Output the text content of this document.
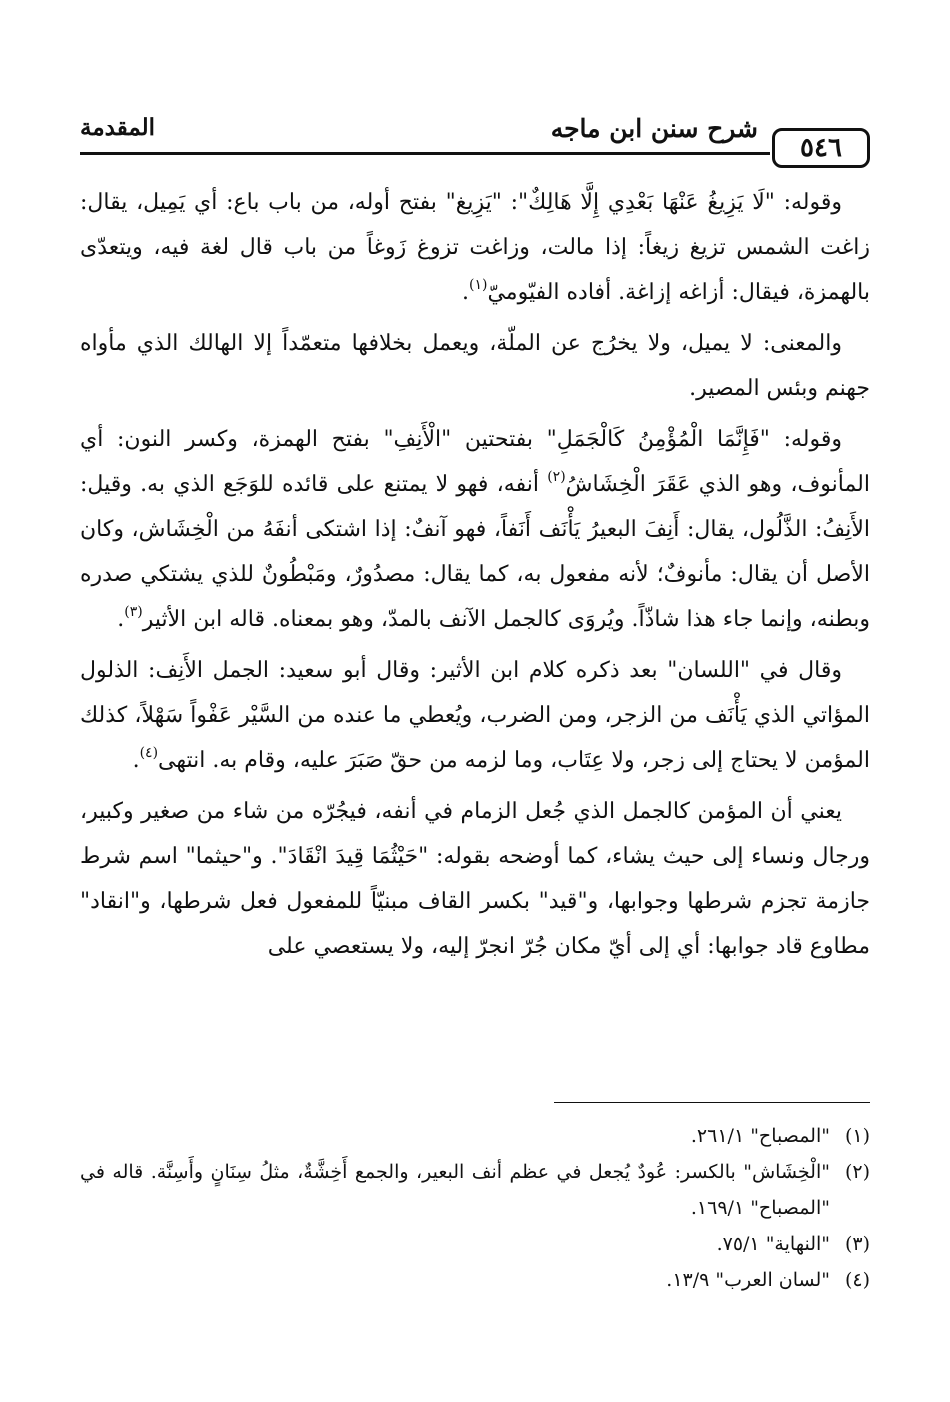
٥٤٦
شرح سنن ابن ماجه
المقدمة

وقوله: "لَا يَزِيغُ عَنْهَا بَعْدِي إِلَّا هَالِكٌ": "يَزِيغ" بفتح أوله، من باب باع: أي يَمِيل، يقال: زاغت الشمس تزيغ زيغاً: إذا مالت، وزاغت تزوغ زَوغاً من باب قال لغة فيه، ويتعدّى بالهمزة، فيقال: أزاغه إزاغة. أفاده الفيّوميّ$^{(١)}$.

والمعنى: لا يميل، ولا يخرُج عن الملّة، ويعمل بخلافها متعمّداً إلا الهالك الذي مأواه جهنم وبئس المصير.

وقوله: "فَإِنَّمَا الْمُؤْمِنُ كَالْجَمَلِ" بفتحتين "الْأَنِفِ" بفتح الهمزة، وكسر النون: أي المأنوف، وهو الذي عَقَرَ الْخِشَاشُ$^{(٢)}$ أنفه، فهو لا يمتنع على قائده للوَجَع الذي به. وقيل: الأَنِفُ: الذَّلُول، يقال: أَنِفَ البعيرُ يَأْنَف أَنَفاً، فهو آنفٌ: إذا اشتكى أنفَهُ من الْخِشَاش، وكان الأصل أن يقال: مأنوفٌ؛ لأنه مفعول به، كما يقال: مصدُورٌ، ومَبْطُونٌ للذي يشتكي صدره وبطنه، وإنما جاء هذا شاذّاً. ويُروَى كالجمل الآنف بالمدّ، وهو بمعناه. قاله ابن الأثير$^{(٣)}$.

وقال في "اللسان" بعد ذكره كلام ابن الأثير: وقال أبو سعيد: الجمل الأَنِف: الذلول المؤاتي الذي يَأْنَف من الزجر، ومن الضرب، ويُعطي ما عنده من السَّيْر عَفْواً سَهْلاً، كذلك المؤمن لا يحتاج إلى زجر، ولا عِتَاب، وما لزمه من حقّ صَبَرَ عليه، وقام به. انتهى$^{(٤)}$.

يعني أن المؤمن كالجمل الذي جُعل الزمام في أنفه، فيجُرّه من شاء من صغير وكبير، ورجال ونساء إلى حيث يشاء، كما أوضحه بقوله: "حَيْثُمَا قِيدَ انْقَادَ". و"حيثما" اسم شرط جازمة تجزم شرطها وجوابها، و"قيد" بكسر القاف مبنيّاً للمفعول فعل شرطها، و"انقاد" مطاوع قاد جوابها: أي إلى أيّ مكان جُرّ انجرّ إليه، ولا يستعصي على

(١)
"المصباح" ٢٦١/١.
(٢)
"الْخِشَاش" بالكسر: عُودٌ يُجعل في عظم أنف البعير، والجمع أَخِشَّةٌ، مثلُ سِنَانٍ وأَسِنَّة. قاله في "المصباح" ١٦٩/١.
(٣)
"النهاية" ٧٥/١.
(٤)
"لسان العرب" ١٣/٩.
